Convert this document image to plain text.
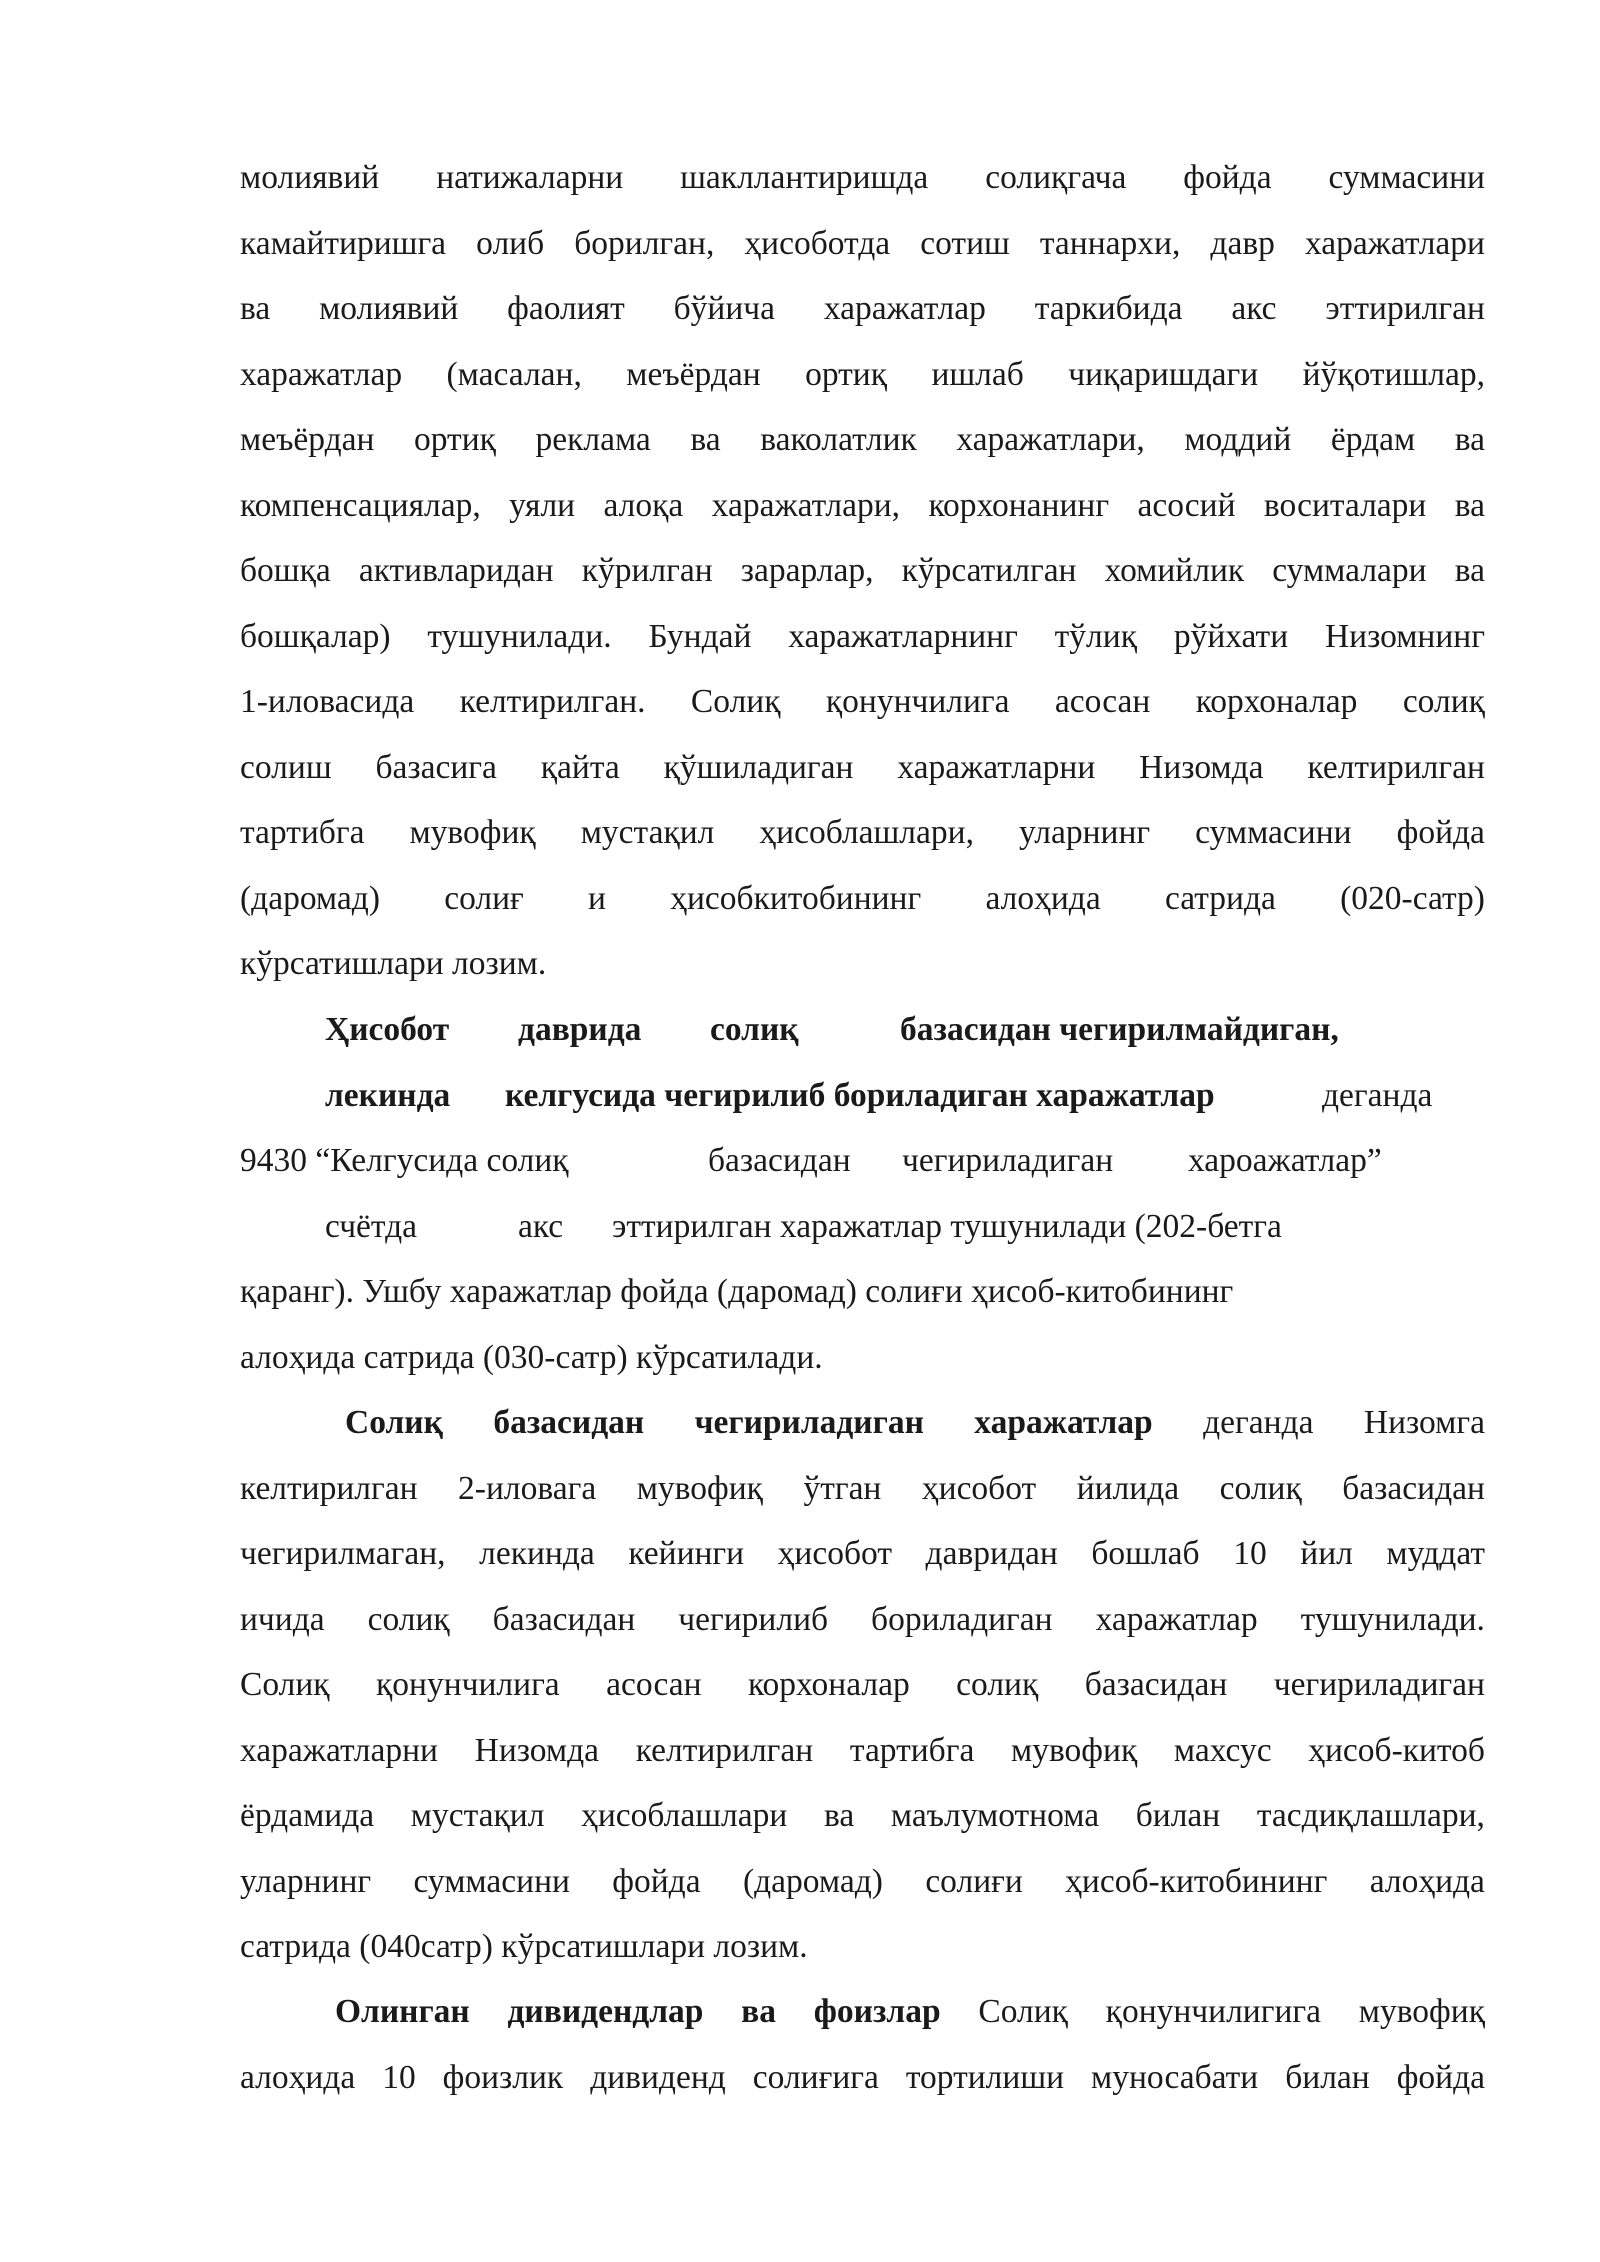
молиявий натижаларни шакллантиришда солиқгача фойда суммасини
камайтиришга олиб борилган, ҳисоботда сотиш таннархи, давр харажатлари
ва молиявий фаолият бўйича харажатлар таркибида акс эттирилган
харажатлар (масалан, меъёрдан ортиқ ишлаб чиқаришдаги йўқотишлар,
меъёрдан ортиқ реклама ва ваколатлик харажатлари, моддий ёрдам ва
компенсациялар, уяли алоқа харажатлари, корхонанинг асосий воситалари ва
бошқа активларидан кўрилган зарарлар, кўрсатилган хомийлик суммалари ва
бошқалар) тушунилади. Бундай харажатларнинг тўлиқ рўйхати Низомнинг
1-иловасида келтирилган. Солиқ қонунчилига асосан корхоналар солиқ
солиш базасига қайта қўшиладиган харажатларни Низомда келтирилган
тартибга мувофиқ мустақил ҳисоблашлари, уларнинг суммасини фойда
(даромад) солиғ и ҳисобкитобининг алоҳида сатрида (020-сатр)
кўрсатишлари лозим.
Ҳисобот даврида солиқ	базасидан чегирилмайдиган,
лекинда келгусида чегирилиб бориладиган харажатлар	деганда
9430 “Келгусида солиқ	базасидан чегириладиган хароажатлар”
счётда	акс эттирилган харажатлар тушунилади (202-бетга
қаранг). Ушбу харажатлар фойда (даромад) солиғи ҳисоб-китобининг
алоҳида сатрида (030-сатр) кўрсатилади.
Солиқ базасидан чегириладиган харажатлар деганда Низомга
келтирилган 2-иловага мувофиқ ўтган ҳисобот йилида солиқ базасидан
чегирилмаган, лекинда кейинги ҳисобот давридан бошлаб 10 йил муддат
ичида солиқ базасидан чегирилиб бориладиган харажатлар тушунилади.
Солиқ қонунчилига асосан корхоналар солиқ базасидан чегириладиган
харажатларни Низомда келтирилган тартибга мувофиқ махсус ҳисоб-китоб
ёрдамида мустақил ҳисоблашлари ва маълумотнома билан тасдиқлашлари,
уларнинг суммасини фойда (даромад) солиғи ҳисоб-китобининг алоҳида
сатрида (040сатр) кўрсатишлари лозим.
Олинган дивидендлар ва фоизлар Солиқ қонунчилигига мувофиқ
алоҳида 10 фоизлик дивиденд солиғига тортилиши муносабати билан фойда
